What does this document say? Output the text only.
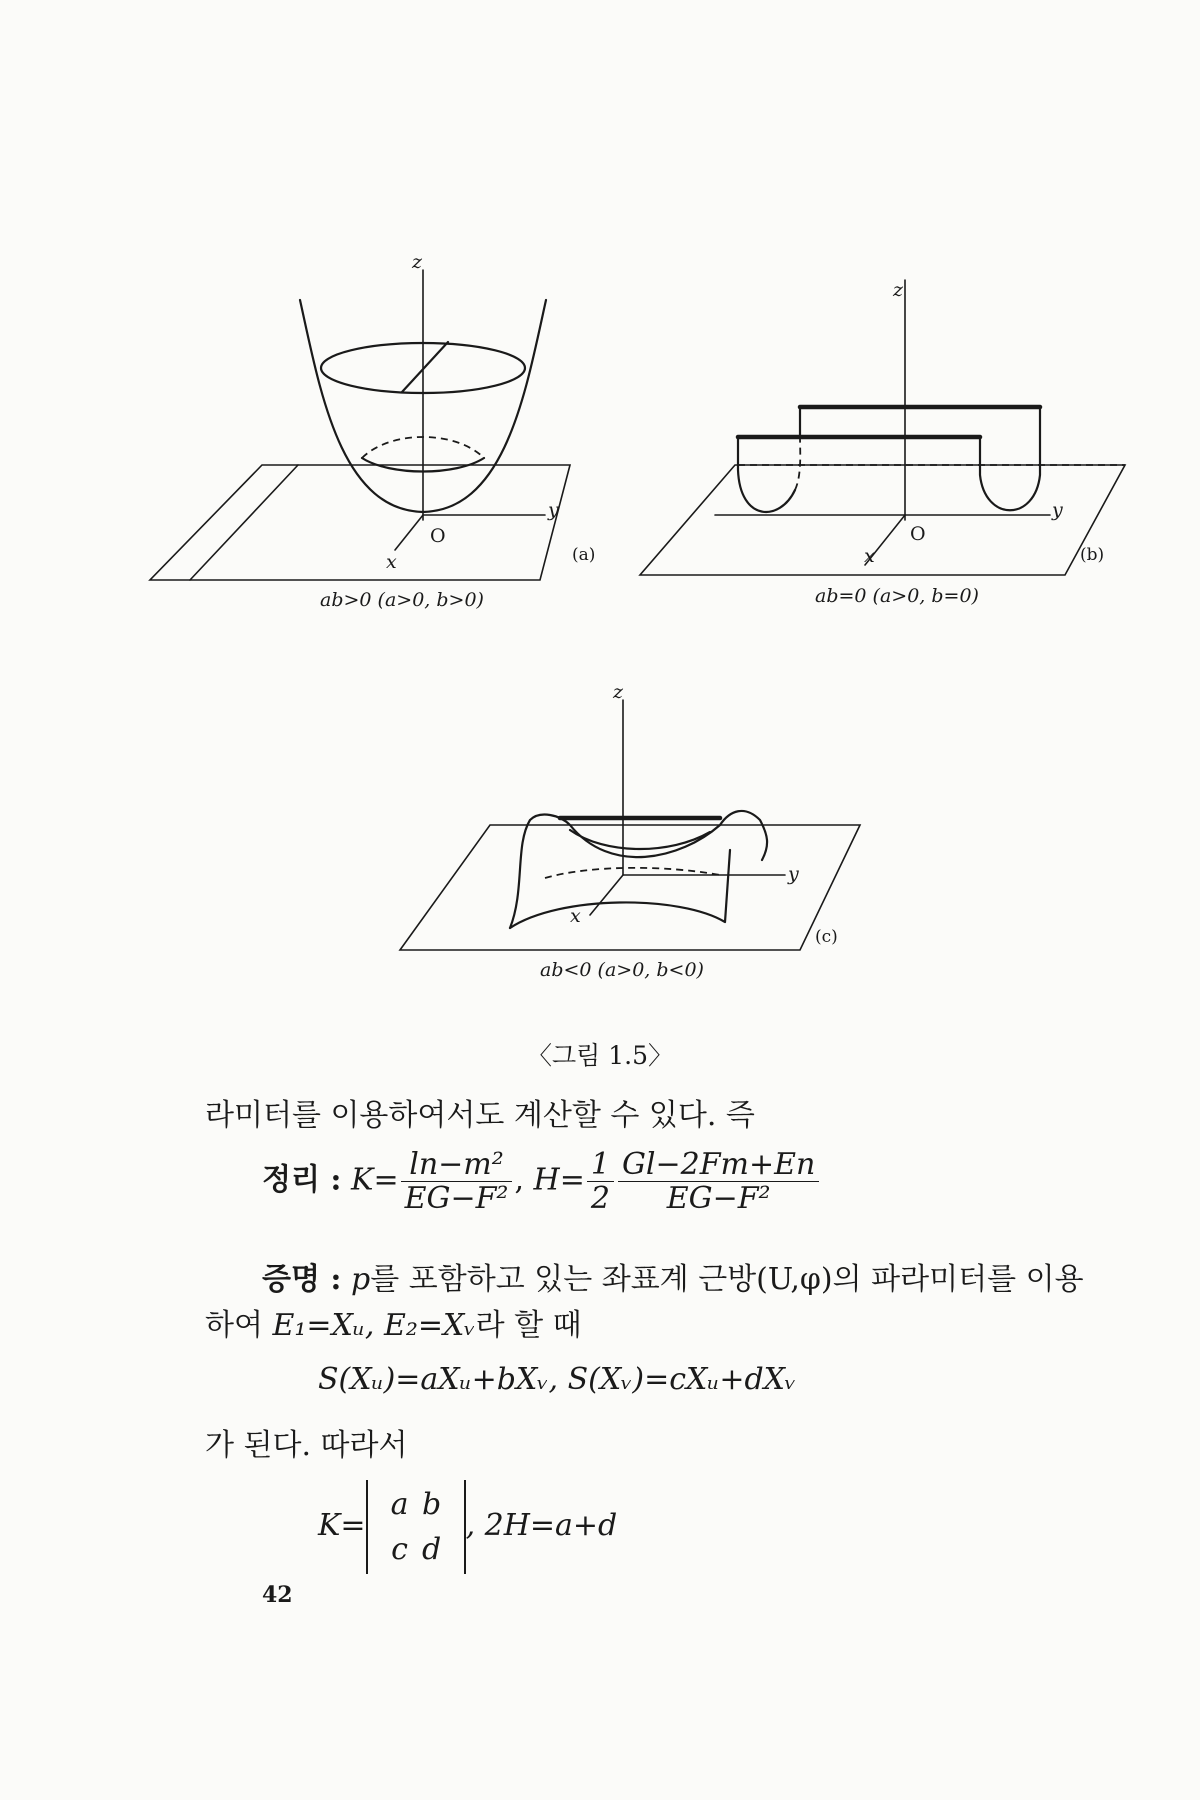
z
y
x
O
(a)
ab>0 (a>0, b>0)
z
y
x
O
(b)
ab=0 (a>0, b=0)
z
y
x
(c)
ab<0 (a>0, b<0)
〈그림 1.5〉
라미터를 이용하여서도 계산할 수 있다. 즉
정리 : $K= \frac{\text{ln−m²}}{\text{EG−F²}}$ , $H= \frac{1}{2} \frac{Gl-2Fm+En}{\text{EG−F²}}$
증명 : p를 포함하고 있는 좌표계 근방(U,φ)의 파라미터를 이용
하여 E₁=Xᵤ, E₂=Xᵥ라 할 때
S(Xᵤ)=aXᵤ+bXᵥ, S(Xᵥ)=cXᵤ+dXᵥ
가 된다. 따라서
K=a b
c d, 2H=a+d
42
